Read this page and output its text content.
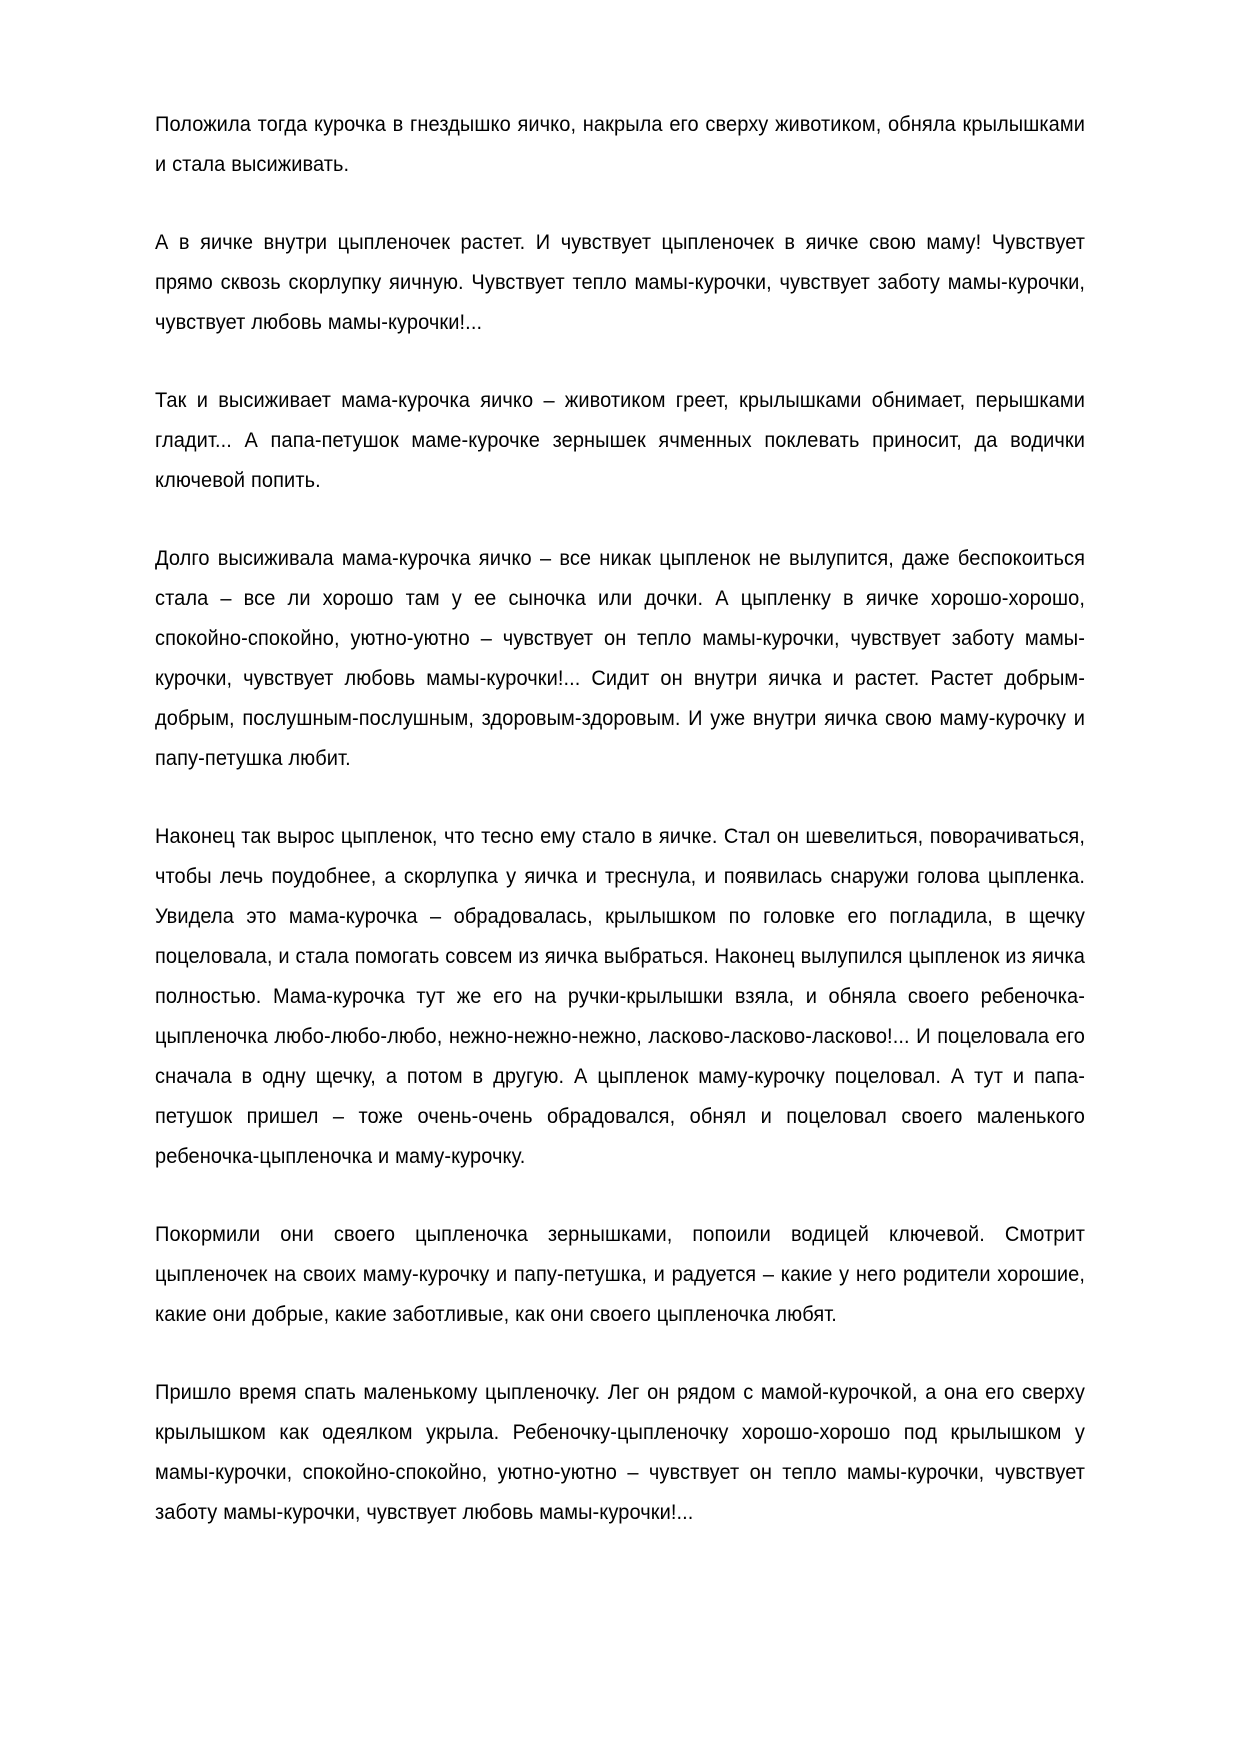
Положила тогда курочка в гнездышко яичко, накрыла его сверху животиком, обняла крылышками и стала высиживать.

А в яичке внутри цыпленочек растет. И чувствует цыпленочек в яичке свою маму! Чувствует прямо сквозь скорлупку яичную. Чувствует тепло мамы-курочки, чувствует заботу мамы-курочки, чувствует любовь мамы-курочки!...

Так и высиживает мама-курочка яичко – животиком греет, крылышками обнимает, перышками гладит... А папа-петушок маме-курочке зернышек ячменных поклевать приносит, да водички ключевой попить.

Долго высиживала мама-курочка яичко – все никак цыпленок не вылупится, даже беспокоиться стала – все ли хорошо там у ее сыночка или дочки. А цыпленку в яичке хорошо-хорошо, спокойно-спокойно, уютно-уютно – чувствует он тепло мамы-курочки, чувствует заботу мамы-курочки, чувствует любовь мамы-курочки!... Сидит он внутри яичка и растет. Растет добрым-добрым, послушным-послушным, здоровым-здоровым. И уже внутри яичка свою маму-курочку и папу-петушка любит.

Наконец так вырос цыпленок, что тесно ему стало в яичке. Стал он шевелиться, поворачиваться, чтобы лечь поудобнее, а скорлупка у яичка и треснула, и появилась снаружи голова цыпленка. Увидела это мама-курочка – обрадовалась, крылышком по головке его погладила, в щечку поцеловала, и стала помогать совсем из яичка выбраться. Наконец вылупился цыпленок из яичка полностью. Мама-курочка тут же его на ручки-крылышки взяла, и обняла своего ребеночка-цыпленочка любо-любо-любо, нежно-нежно-нежно, ласково-ласково-ласково!... И поцеловала его сначала в одну щечку, а потом в другую. А цыпленок маму-курочку поцеловал. А тут и папа-петушок пришел – тоже очень-очень обрадовался, обнял и поцеловал своего маленького ребеночка-цыпленочка и маму-курочку.

Покормили они своего цыпленочка зернышками, попоили водицей ключевой. Смотрит цыпленочек на своих маму-курочку и папу-петушка, и радуется – какие у него родители хорошие, какие они добрые, какие заботливые, как они своего цыпленочка любят.

Пришло время спать маленькому цыпленочку. Лег он рядом с мамой-курочкой, а она его сверху крылышком как одеялком укрыла. Ребеночку-цыпленочку хорошо-хорошо под крылышком у мамы-курочки, спокойно-спокойно, уютно-уютно – чувствует он тепло мамы-курочки, чувствует заботу мамы-курочки, чувствует любовь мамы-курочки!...
